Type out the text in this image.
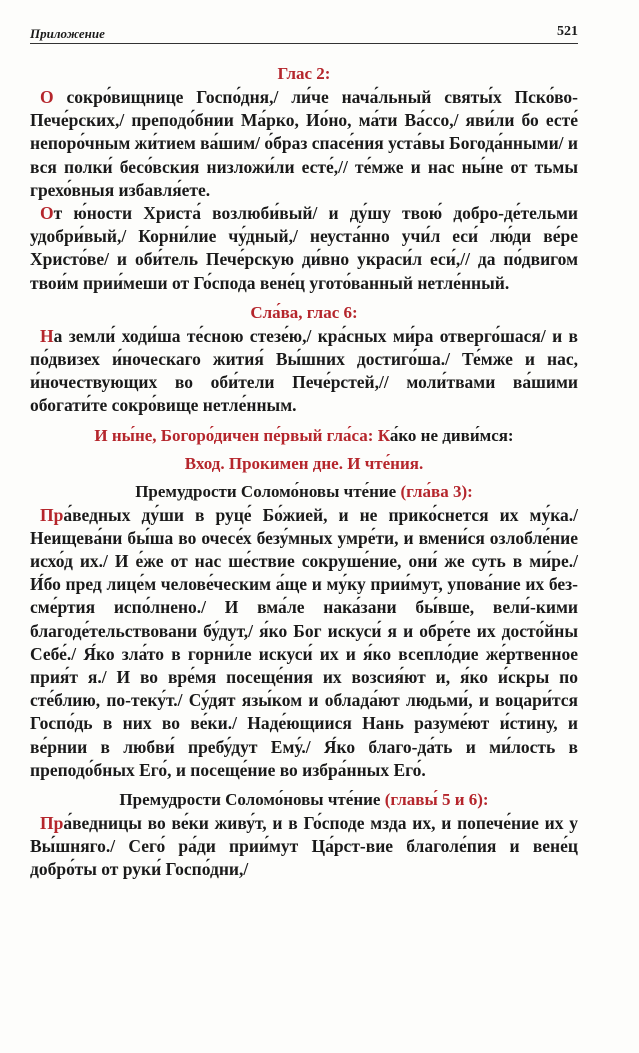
Приложение	521
Глас 2:

О сокро́вищнице Госпо́дня,/ ли́че нача́льный святы́х Пско́во-Пече́рских,/ преподо́бнии Ма́рко, Ио́но, ма́ти Ва́ссо,/ яви́ли бо есте́ непоро́чным жи́тием ва́шим/ о́браз спасе́ния уста́вы Богода́нными/ и вся полки́ бесо́вския низложи́ли есте́,// те́мже и нас ны́не от тьмы грехо́вныя избавля́ете.

От ю́ности Христа́ возлюби́вый/ и ду́шу твою́ добро-де́тельми удобри́вый,/ Корни́лие чу́дный,/ неуста́нно учи́л еси́ лю́ди ве́ре Христо́ве/ и оби́тель Пече́рскую ди́вно украси́л еси́,// да по́двигом твои́м прии́меши от Го́спода вене́ц угото́ванный нетле́нный.

Сла́ва, глас 6:

На земли́ ходи́ша те́сною стезе́ю,/ кра́сных ми́ра отверго́шася/ и в по́двизех и́ноческаго жития́ Вы́шних достиго́ша./ Те́мже и нас, и́ночествующих во оби́тели Пече́рстей,// моли́твами ва́шими обогати́те сокро́вище нетле́нным.

И ны́не, Богоро́дичен пе́рвый гла́са: Ка́ко не диви́мся:
Вход. Прокимен дне. И чте́ния.
Премудрости Соломо́новы чте́ние (гла́ва 3):

Пра́ведных ду́ши в руце́ Бо́жией, и не прико́снется их му́ка./ Неищева́ни бы́ша во очесе́х безу́мных умре́ти, и вмени́ся озлобле́ние исхо́д их./ И е́же от нас ше́ствие сокруше́ние, они́ же суть в ми́ре./ И́бо пред лице́м челове́ческим а́ще и му́ку прии́мут, упова́ние их без-сме́ртия испо́лнено./ И вма́ле нака́зани бы́вше, вели́-кими благоде́тельствовани бу́дут,/ я́ко Бог искуси́ я и обре́те их досто́йны Себе́./ Я́ко зла́то в горни́ле искуси́ их и я́ко всепло́дие же́ртвенное прия́т я./ И во вре́мя посеще́ния их возсия́ют и, я́ко и́скры по сте́блию, по-теку́т./ Су́дят язы́ком и облада́ют людьми́, и воцари́тся Госпо́дь в них во ве́ки./ Наде́ющиися Нань разуме́ют и́стину, и ве́рнии в любви́ пребу́дут Ему́./ Я́ко благо-да́ть и ми́лость в преподо́бных Его́, и посеще́ние во избра́нных Его́.

Премудрости Соломо́новы чте́ние (главы́ 5 и 6):

Пра́ведницы во ве́ки живу́т, и в Го́споде мзда их, и попече́ние их у Вы́шняго./ Сего́ ра́ди прии́мут Ца́рст-вие благоле́пия и вене́ц добро́ты от руки́ Госпо́дни,/
